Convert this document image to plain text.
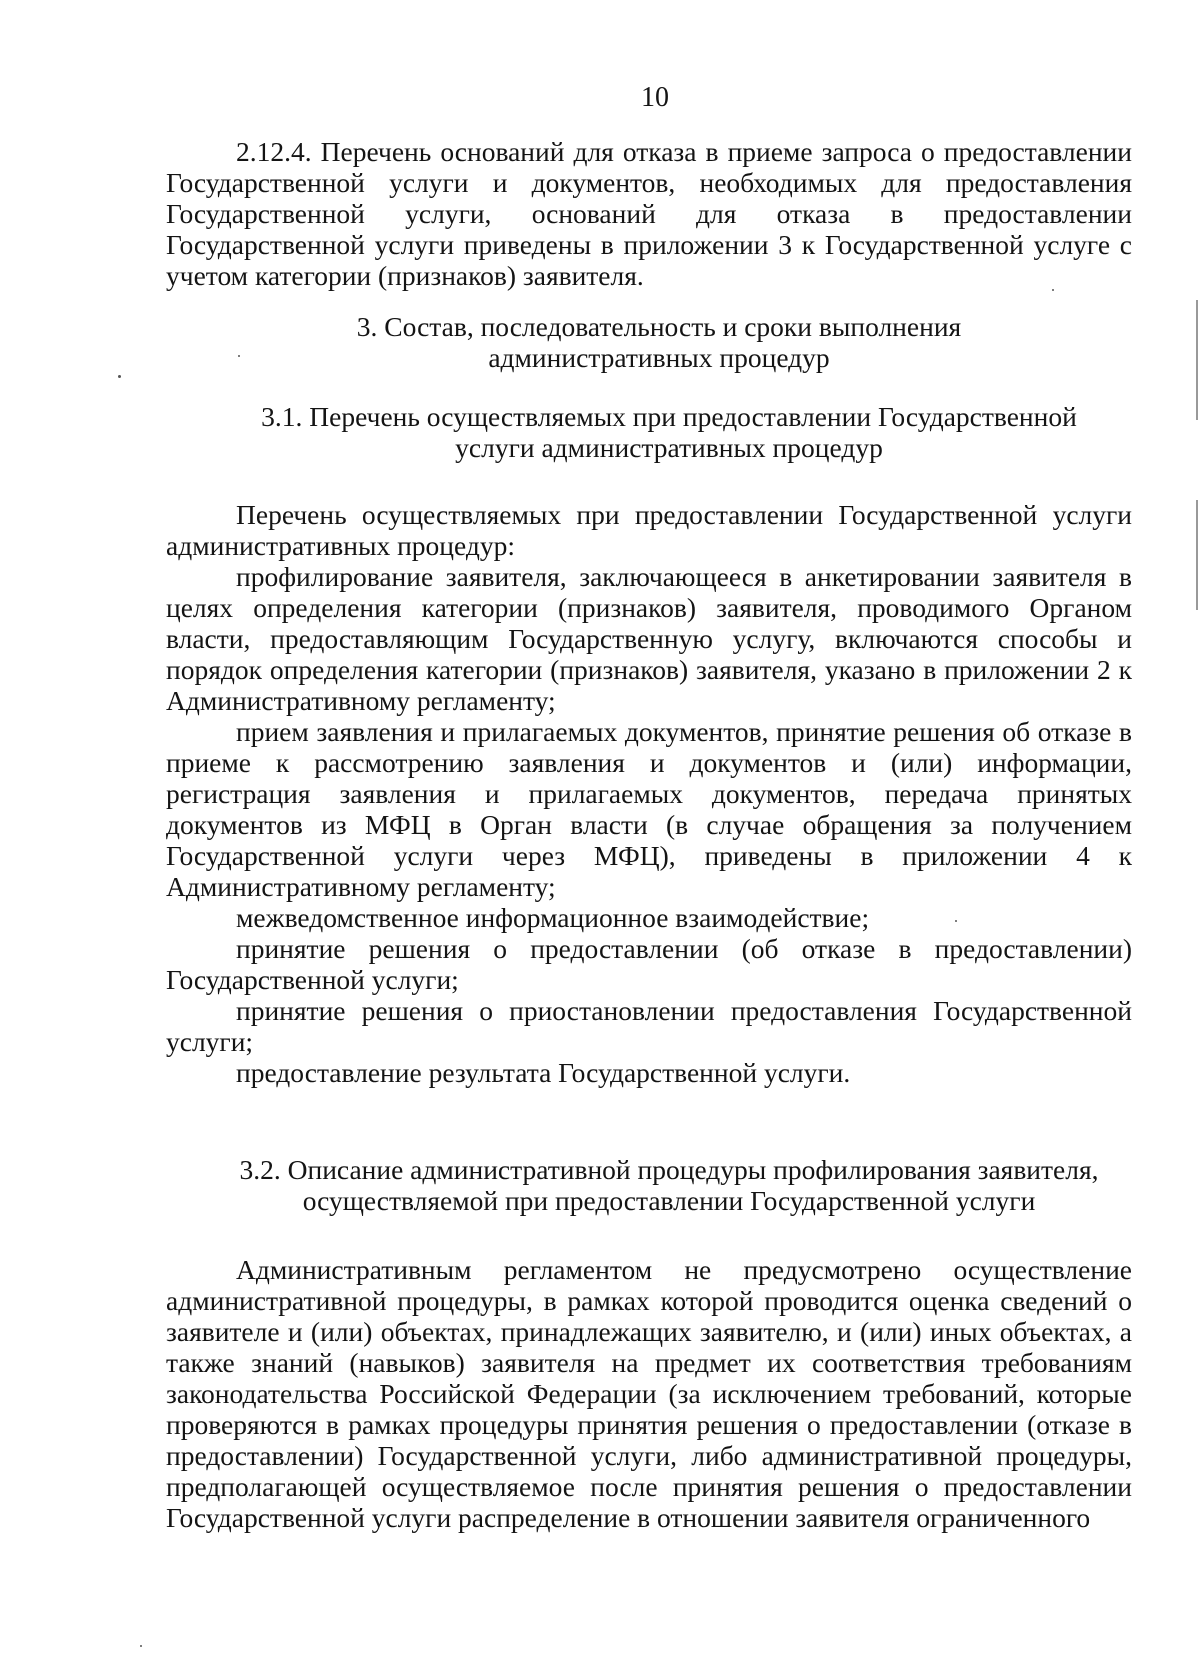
10

2.12.4. Перечень оснований для отказа в приеме запроса о предоставлении Государственной услуги и документов, необходимых для предоставления Государственной услуги, оснований для отказа в предоставлении Государственной услуги приведены в приложении 3 к Государственной услуге с учетом категории (признаков) заявителя.

3. Состав, последовательность и сроки выполнения
административных процедур
3.1. Перечень осуществляемых при предоставлении Государственной
услуги административных процедур

Перечень осуществляемых при предоставлении Государственной услуги административных процедур:

профилирование заявителя, заключающееся в анкетировании заявителя в целях определения категории (признаков) заявителя, проводимого Органом власти, предоставляющим Государственную услугу, включаются способы и порядок определения категории (признаков) заявителя, указано в приложении 2 к Административному регламенту;

прием заявления и прилагаемых документов, принятие решения об отказе в приеме к рассмотрению заявления и документов и (или) информации, регистрация заявления и прилагаемых документов, передача принятых документов из МФЦ в Орган власти (в случае обращения за получением Государственной услуги через МФЦ), приведены в приложении 4 к Административному регламенту;

межведомственное информационное взаимодействие;

принятие решения о предоставлении (об отказе в предоставлении) Государственной услуги;

принятие решения о приостановлении предоставления Государственной услуги;

предоставление результата Государственной услуги.

3.2. Описание административной процедуры профилирования заявителя,
осуществляемой при предоставлении Государственной услуги

Административным регламентом не предусмотрено осуществление административной процедуры, в рамках которой проводится оценка сведений о заявителе и (или) объектах, принадлежащих заявителю, и (или) иных объектах, а также знаний (навыков) заявителя на предмет их соответствия требованиям законодательства Российской Федерации (за исключением требований, которые проверяются в рамках процедуры принятия решения о предоставлении (отказе в предоставлении) Государственной услуги, либо административной процедуры, предполагающей осуществляемое после принятия решения о предоставлении Государственной услуги распределение в отношении заявителя ограниченного
